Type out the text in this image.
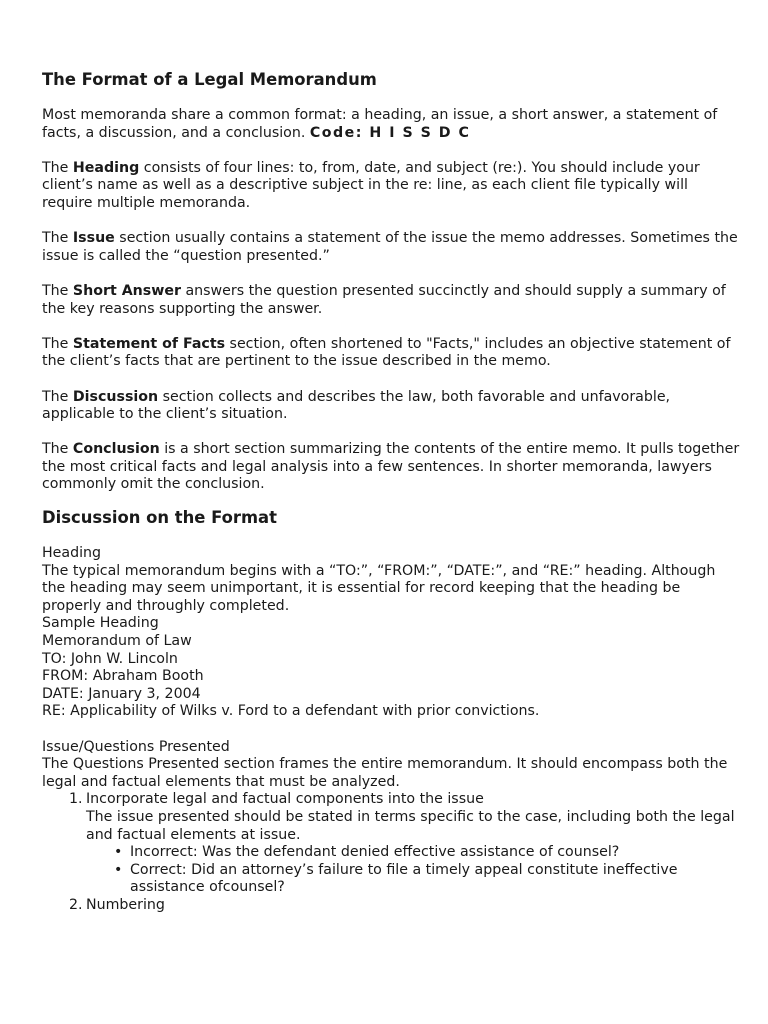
The Format of a Legal Memorandum

Most memoranda share a common format: a heading, an issue, a short answer, a statement of facts, a discussion, and a conclusion. Code: H I S S D C

The Heading consists of four lines: to, from, date, and subject (re:). You should include your client’s name as well as a descriptive subject in the re: line, as each client file typically will require multiple memoranda.

The Issue section usually contains a statement of the issue the memo addresses. Sometimes the issue is called the “question presented.”

The Short Answer answers the question presented succinctly and should supply a summary of the key reasons supporting the answer.

The Statement of Facts section, often shortened to "Facts," includes an objective statement of the client’s facts that are pertinent to the issue described in the memo.

The Discussion section collects and describes the law, both favorable and unfavorable, applicable to the client’s situation.

The Conclusion is a short section summarizing the contents of the entire memo. It pulls together the most critical facts and legal analysis into a few sentences. In shorter memoranda, lawyers commonly omit the conclusion.

Discussion on the Format

Heading

The typical memorandum begins with a “TO:”, “FROM:”, “DATE:”, and “RE:” heading. Although the heading may seem unimportant, it is essential for record keeping that the heading be properly and throughly completed.

Sample Heading

Memorandum of Law

TO: John W. Lincoln

FROM: Abraham Booth

DATE: January 3, 2004

RE: Applicability of Wilks v. Ford to a defendant with prior convictions.

Issue/Questions Presented

The Questions Presented section frames the entire memorandum. It should encompass both the legal and factual elements that must be analyzed.

1. Incorporate legal and factual components into the issue

The issue presented should be stated in terms specific to the case, including both the legal and factual elements at issue.

• Incorrect: Was the defendant denied effective assistance of counsel?
• Correct: Did an attorney’s failure to file a timely appeal constitute ineffective assistance ofcounsel?
2. Numbering
